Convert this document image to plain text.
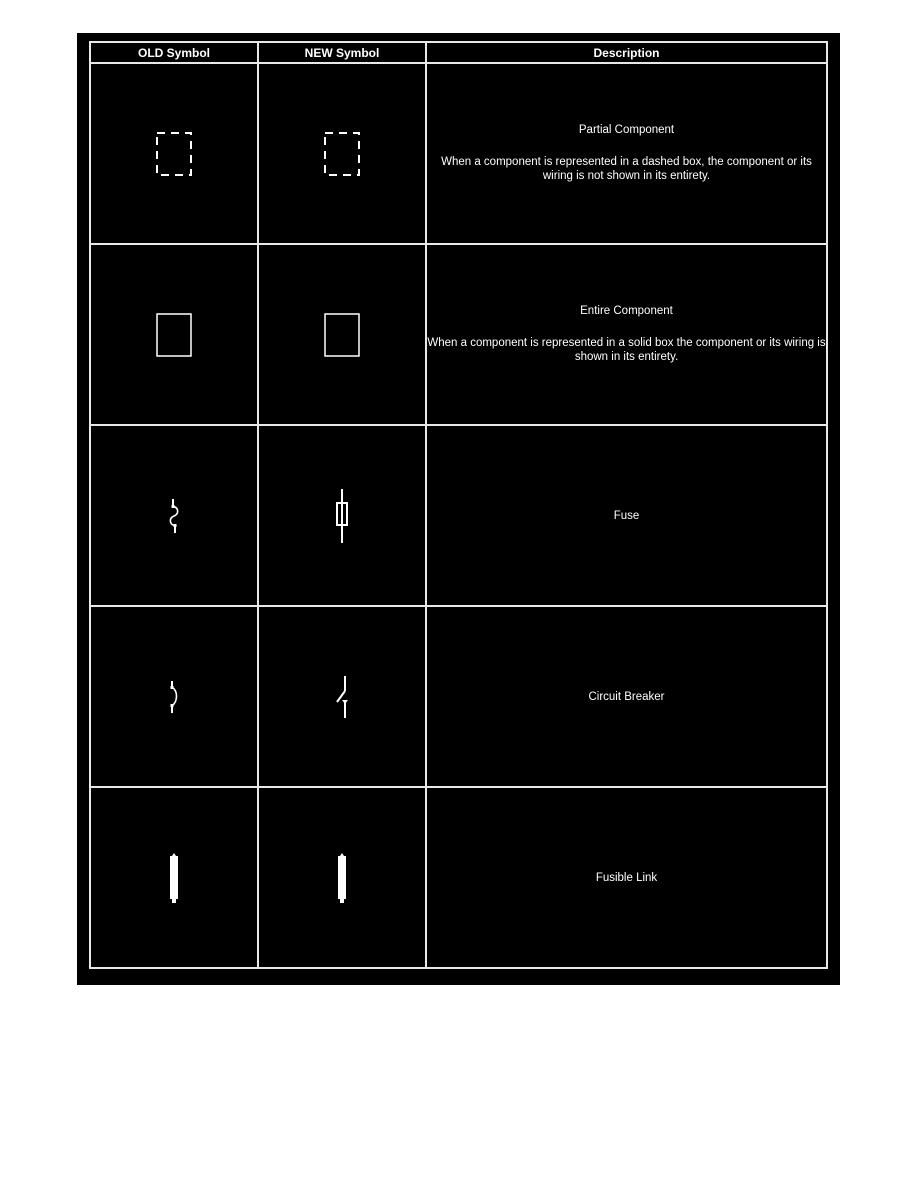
OLD Symbol	NEW Symbol	Description

Partial Component
When a component is represented in a dashed box, the component or its wiring is not shown in its entirety.

Entire Component
When a component is represented in a solid box the component or its wiring is shown in its entirety.

Fuse

Circuit Breaker

Fusible Link
